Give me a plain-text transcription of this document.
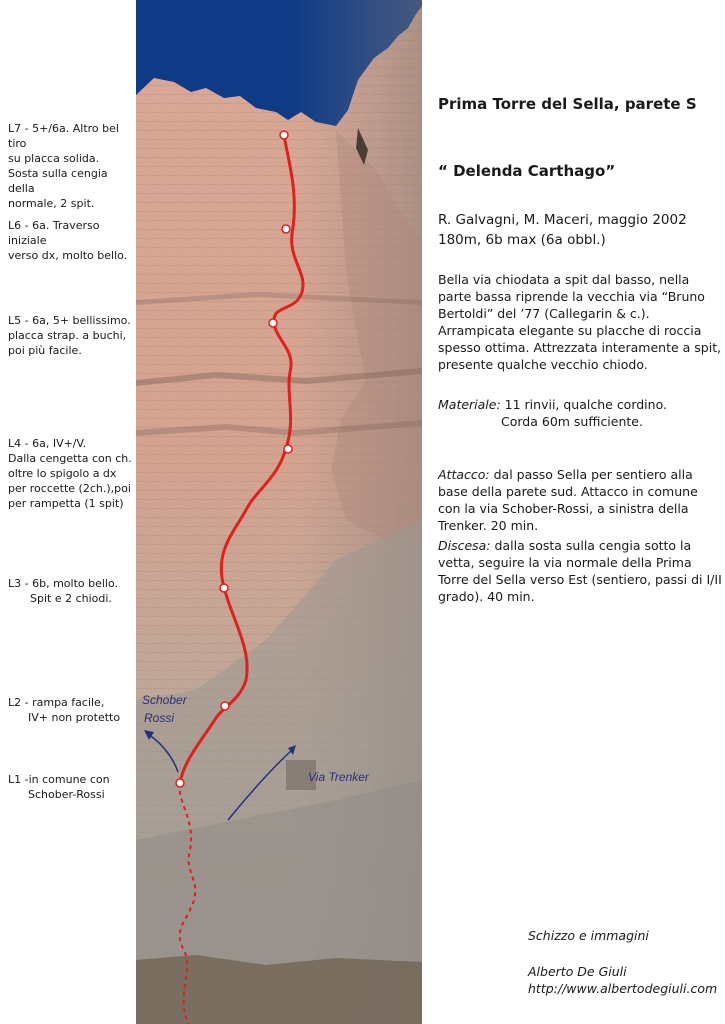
L7 - 5+/6a. Altro bel tiro
su placca solida.
Sosta sulla cengia della
normale, 2 spit.
L6 - 6a. Traverso iniziale
verso dx, molto bello.
L5 - 6a, 5+ bellissimo.
placca strap. a buchi,
poi più facile.
L4 - 6a, IV+/V.
Dalla cengetta con ch.
oltre lo spigolo a dx
per roccette (2ch.),poi
per rampetta (1 spit)
L3 - 6b, molto bello.
Spit e 2 chiodi.
L2 - rampa facile,
IV+ non protetto
L1 -in comune con
Schober-Rossi
Schober
Rossi
Via Trenker
Prima Torre del Sella, parete S
“ Delenda Carthago”
R. Galvagni, M. Maceri, maggio 2002
180m, 6b max (6a obbl.)
Bella via chiodata a spit dal basso, nella parte bassa riprende la vecchia via “Bruno Bertoldi” del ’77 (Callegarin & c.). Arrampicata elegante su placche di roccia spesso ottima. Attrezzata interamente a spit, presente qualche vecchio chiodo.
Materiale: 11 rinvii, qualche cordino.
Corda 60m sufficiente.
Attacco: dal passo Sella per sentiero alla base della parete sud. Attacco in comune con la via Schober-Rossi, a sinistra della Trenker. 20 min.
Discesa: dalla sosta sulla cengia sotto la vetta, seguire la via normale della Prima Torre del Sella verso Est (sentiero, passi di I/II grado). 40 min.
Schizzo e immagini
Alberto De Giuli
http://www.albertodegiuli.com
